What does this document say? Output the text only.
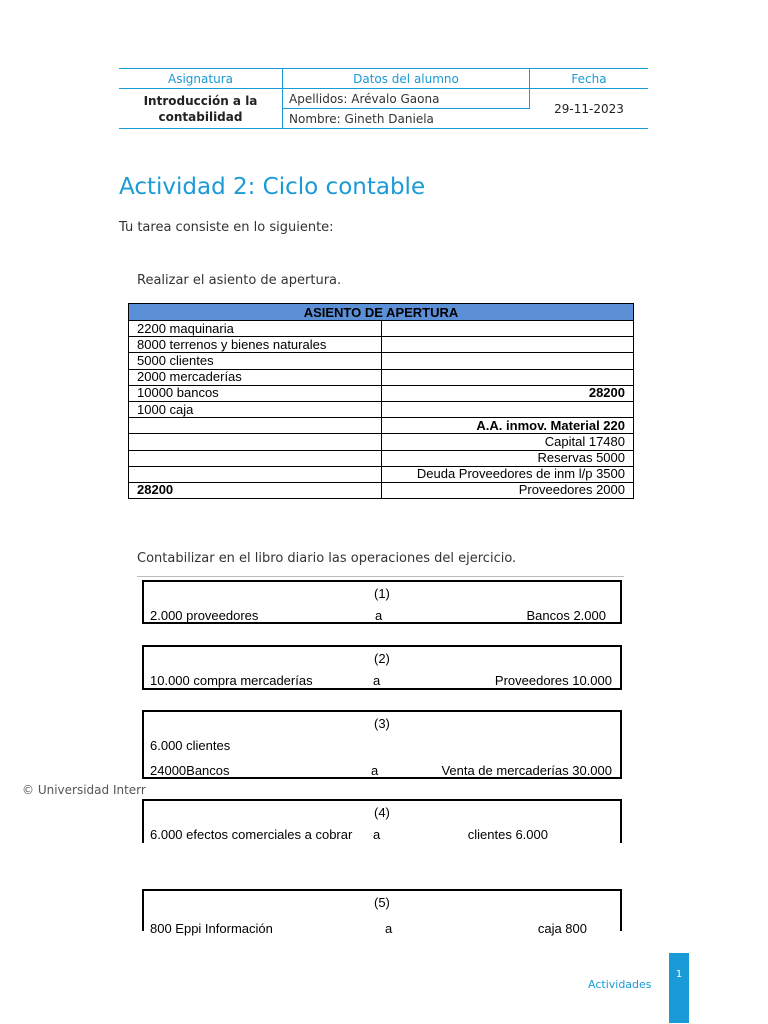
Asignatura	Datos del alumno	Fecha
Introducción a la contabilidad	Apellidos: Arévalo Gaona	29-11-2023
	Nombre: Gineth Daniela	
Actividad 2: Ciclo contable
Tu tarea consiste en lo siguiente:
Realizar el asiento de apertura.
ASIENTO DE APERTURA	
2200 maquinaria	
8000 terrenos y bienes naturales	
5000 clientes	
2000 mercaderías	
10000 bancos	28200
1000 caja	
	A.A. inmov. Material 220
	Capital 17480
	Reservas 5000
	Deuda Proveedores de inm l/p 3500
28200	Proveedores 2000
Contabilizar en el libro diario las operaciones del ejercicio.
(1)
2.000 proveedores	a	Bancos 2.000
(2)
10.000 compra mercaderías	a	Proveedores 10.000
(3)
6.000 clientes
24000Bancos	a	Venta de mercaderías 30.000
(4)
6.000 efectos comerciales a cobrar a	clientes 6.000
(5)
800 Eppi Información	a	caja 800
© Universidad Interr
1
Actividades
